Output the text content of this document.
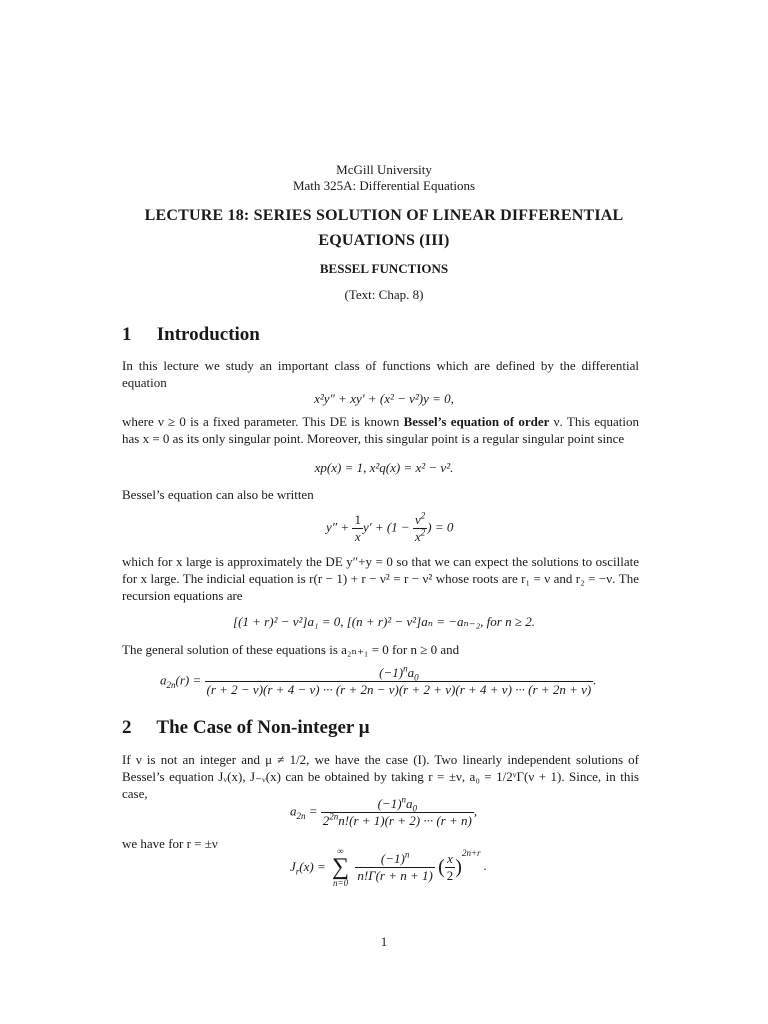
McGill University
Math 325A: Differential Equations
LECTURE 18: SERIES SOLUTION OF LINEAR DIFFERENTIAL
EQUATIONS (III)
BESSEL FUNCTIONS
(Text: Chap. 8)
1 Introduction
In this lecture we study an important class of functions which are defined by the differential equation
x²y″ + xy′ + (x² − ν²)y = 0,
where ν ≥ 0 is a fixed parameter. This DE is known Bessel’s equation of order ν. This equation has x = 0 as its only singular point. Moreover, this singular point is a regular singular point since
xp(x) = 1, x²q(x) = x² − ν².
Bessel’s equation can also be written
$y'' + \frac{1}{x} y' + (1 - \frac{\nu^2}{x^2}$ ) = 0
which for x large is approximately the DE y″+y = 0 so that we can expect the solutions to oscillate for x large. The indicial equation is r(r − 1) + r − ν² = r − ν² whose roots are r₁ = ν and r₂ = −ν. The recursion equations are
[(1 + r)² − ν²]a₁ = 0, [(n + r)² − ν²]aₙ = −aₙ₋₂, for n ≥ 2.
The general solution of these equations is a₂ₙ₊₁ = 0 for n ≥ 0 and
$a_{2n}(r)$ =	$(-1)^na_0$
(r + 2 − ν)(r + 4 − ν) ··· (r + 2n − ν)(r + 2 + ν)(r + 4 + ν) ··· (r + 2n + ν)
.
2 The Case of Non-integer μ
If ν is not an integer and μ ≠ 1/2, we have the case (I). Two linearly independent solutions of Bessel’s equation Jᵥ(x), J₋ᵥ(x) can be obtained by taking r = ±ν, a₀ = 1/2ᵛΓ(ν + 1). Since, in this case,
$a_{2n} = \frac{(-1)^na_0}{2^{2n}n!(r + 1)(r + 2) \cdot\cdot\cdot (r + n)}$ ,
we have for r = ±ν
$J_r(x)$ =
∞
∑
n=0
$\frac{(-1)^n}{n!\Gamma(r + n + 1)}$ ( $\frac{x}{2} )^{2n+r}$ .
1
